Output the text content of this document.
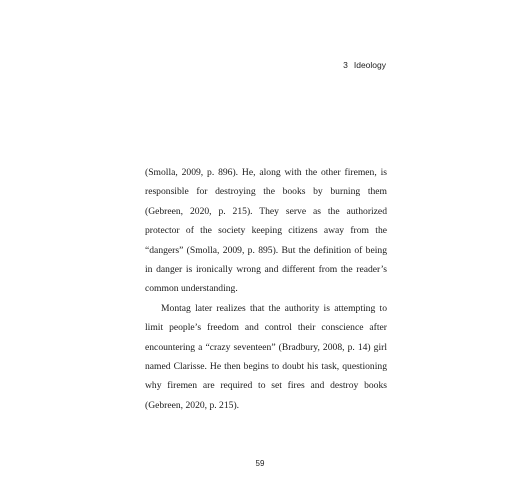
3 Ideology

(Smolla, 2009, p. 896). He, along with the other firemen, is responsible for destroying the books by burning them (Gebreen, 2020, p. 215). They serve as the authorized protector of the society keeping citizens away from the “dangers” (Smolla, 2009, p. 895). But the definition of being in danger is ironically wrong and different from the reader’s common understanding.

Montag later realizes that the authority is attempting to limit people’s freedom and control their conscience after encountering a “crazy seventeen” (Bradbury, 2008, p. 14) girl named Clarisse. He then begins to doubt his task, questioning why firemen are required to set fires and destroy books (Gebreen, 2020, p. 215).

59
